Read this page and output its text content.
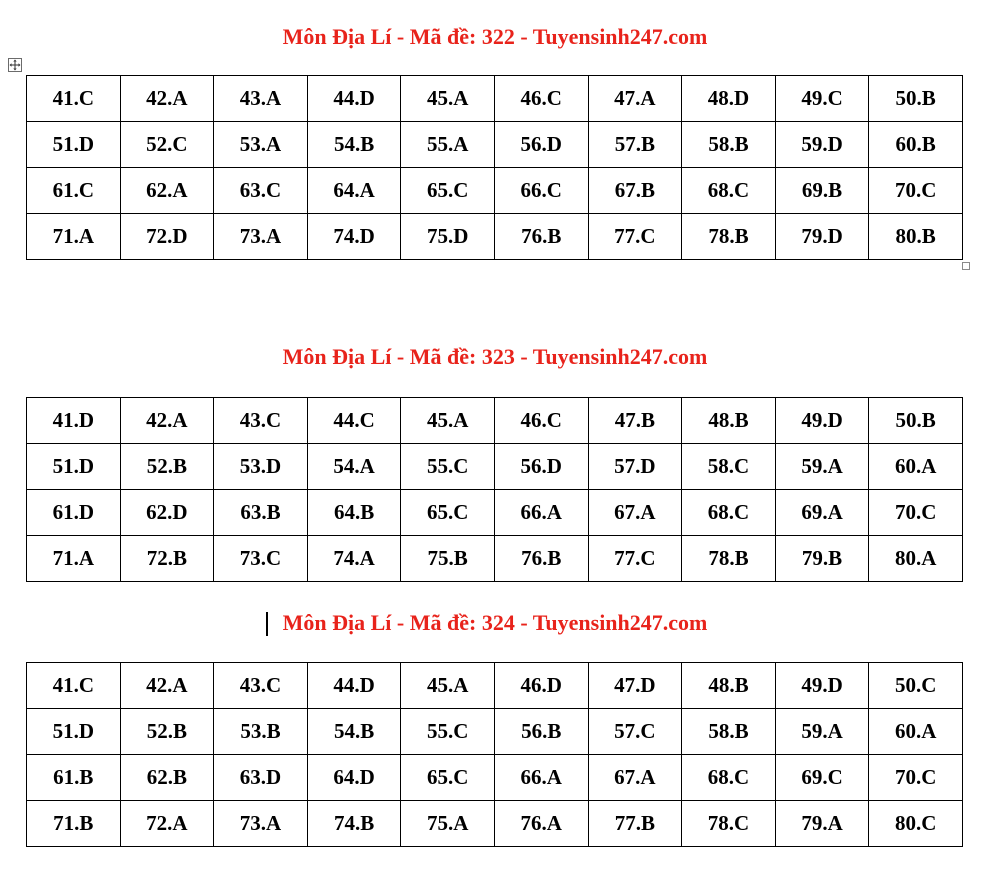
Môn Địa Lí - Mã đề: 322 - Tuyensinh247.com
41.C	42.A	43.A	44.D	45.A	46.C	47.A	48.D	49.C	50.B
51.D	52.C	53.A	54.B	55.A	56.D	57.B	58.B	59.D	60.B
61.C	62.A	63.C	64.A	65.C	66.C	67.B	68.C	69.B	70.C
71.A	72.D	73.A	74.D	75.D	76.B	77.C	78.B	79.D	80.B
Môn Địa Lí - Mã đề: 323 - Tuyensinh247.com
41.D	42.A	43.C	44.C	45.A	46.C	47.B	48.B	49.D	50.B
51.D	52.B	53.D	54.A	55.C	56.D	57.D	58.C	59.A	60.A
61.D	62.D	63.B	64.B	65.C	66.A	67.A	68.C	69.A	70.C
71.A	72.B	73.C	74.A	75.B	76.B	77.C	78.B	79.B	80.A
Môn Địa Lí - Mã đề: 324 - Tuyensinh247.com
41.C	42.A	43.C	44.D	45.A	46.D	47.D	48.B	49.D	50.C
51.D	52.B	53.B	54.B	55.C	56.B	57.C	58.B	59.A	60.A
61.B	62.B	63.D	64.D	65.C	66.A	67.A	68.C	69.C	70.C
71.B	72.A	73.A	74.B	75.A	76.A	77.B	78.C	79.A	80.C
